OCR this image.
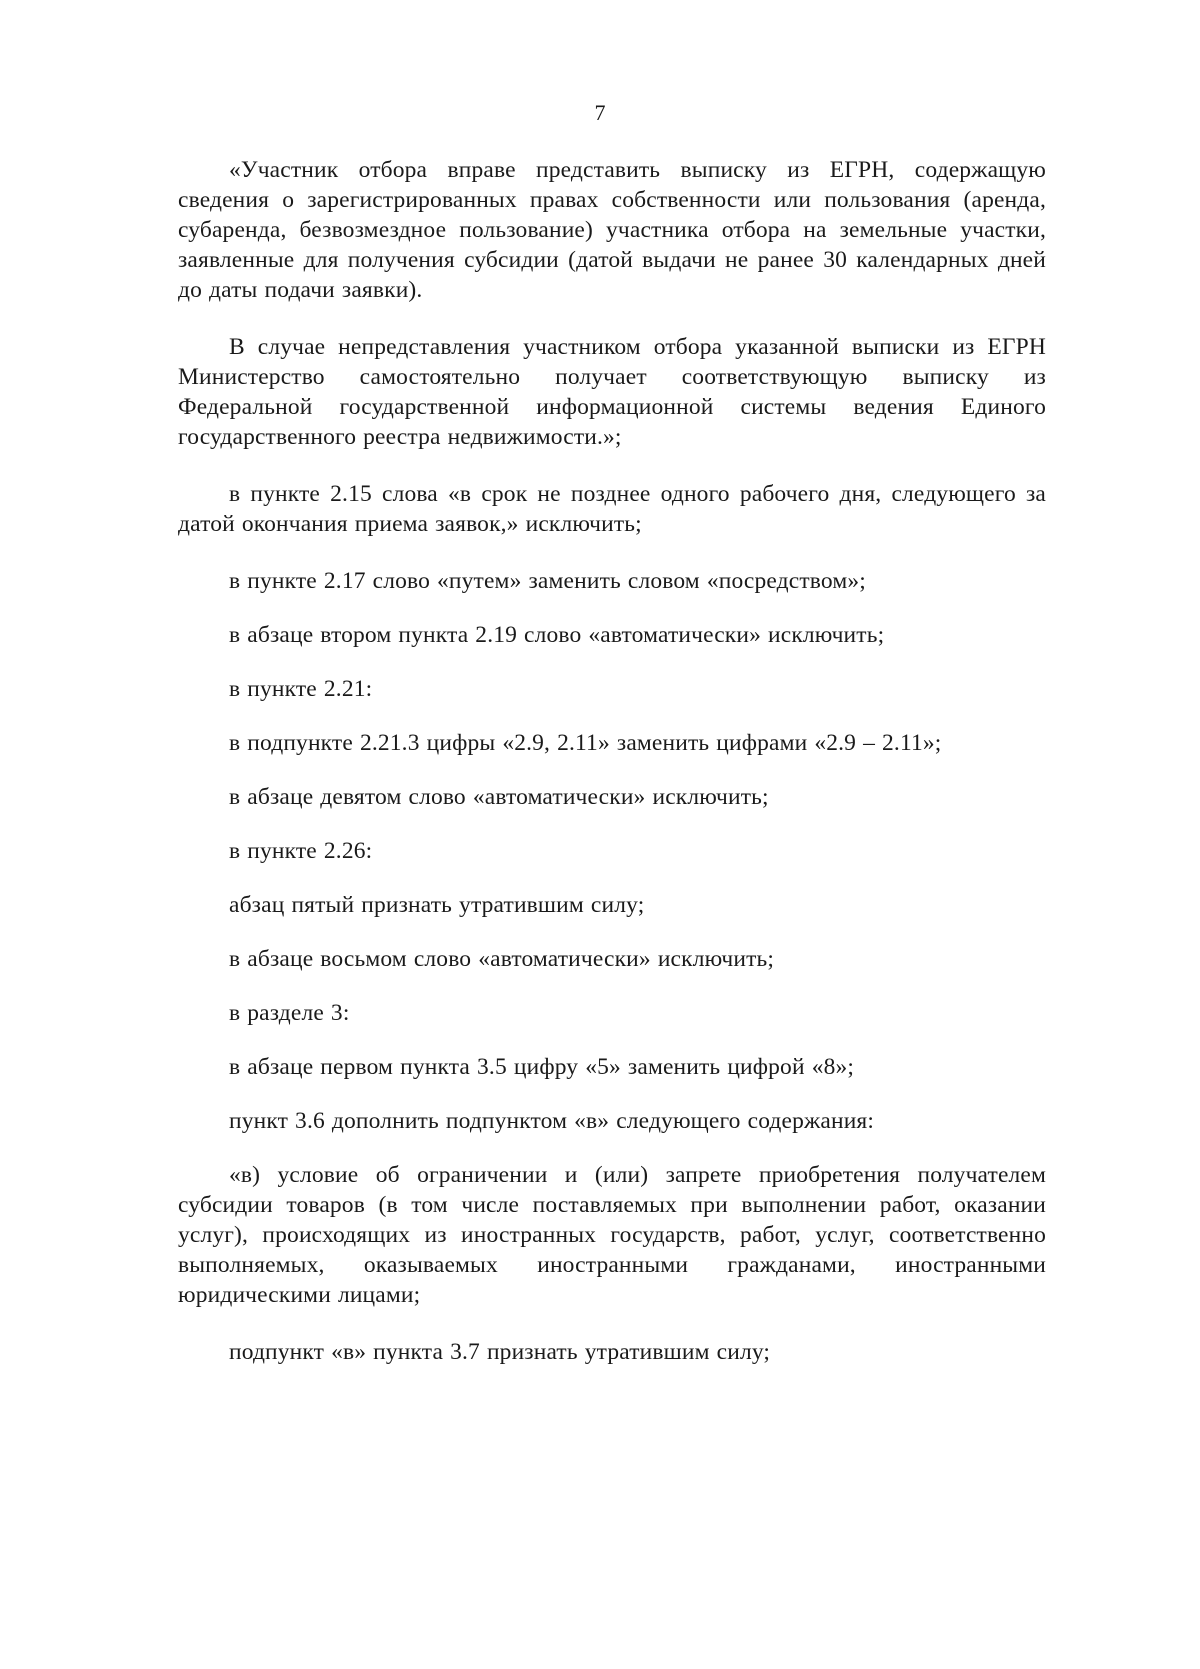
7

«Участник отбора вправе представить выписку из ЕГРН, содержащую сведения о зарегистрированных правах собственности или пользования (аренда, субаренда, безвозмездное пользование) участника отбора на земельные участки, заявленные для получения субсидии (датой выдачи не ранее 30 календарных дней до даты подачи заявки).

В случае непредставления участником отбора указанной выписки из ЕГРН Министерство самостоятельно получает соответствующую выписку из Федеральной государственной информационной системы ведения Единого государственного реестра недвижимости.»;

в пункте 2.15 слова «в срок не позднее одного рабочего дня, следующего за датой окончания приема заявок,» исключить;

в пункте 2.17 слово «путем» заменить словом «посредством»;

в абзаце втором пункта 2.19 слово «автоматически» исключить;

в пункте 2.21:

в подпункте 2.21.3 цифры «2.9, 2.11» заменить цифрами «2.9 – 2.11»;

в абзаце девятом слово «автоматически» исключить;

в пункте 2.26:

абзац пятый признать утратившим силу;

в абзаце восьмом слово «автоматически» исключить;

в разделе 3:

в абзаце первом пункта 3.5 цифру «5» заменить цифрой «8»;

пункт 3.6 дополнить подпунктом «в» следующего содержания:

«в) условие об ограничении и (или) запрете приобретения получателем субсидии товаров (в том числе поставляемых при выполнении работ, оказании услуг), происходящих из иностранных государств, работ, услуг, соответственно выполняемых, оказываемых иностранными гражданами, иностранными юридическими лицами;

подпункт «в» пункта 3.7 признать утратившим силу;
